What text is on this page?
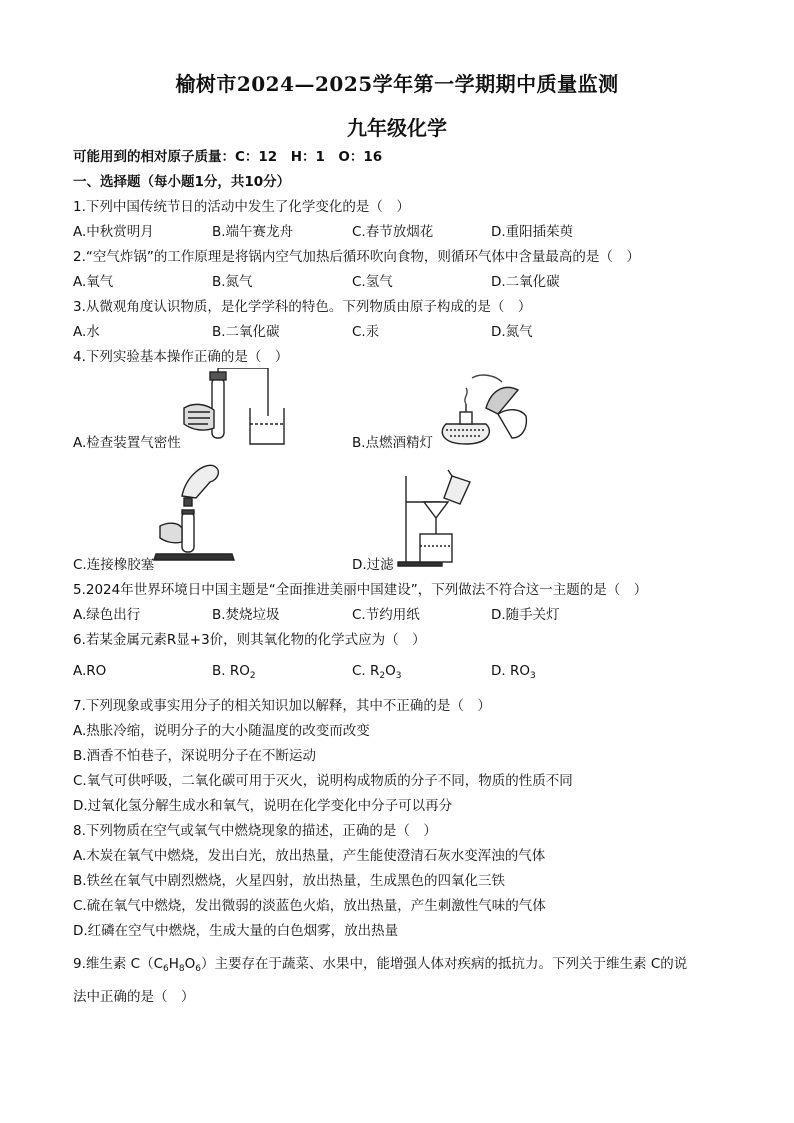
榆树市2024—2025学年第一学期期中质量监测
九年级化学
可能用到的相对原子质量：C：12　H：1　O：16
一、选择题（每小题1分，共10分）
1.下列中国传统节日的活动中发生了化学变化的是（　）
A.中秋赏明月	B.端午赛龙舟	C.春节放烟花	D.重阳插茱萸
2.“空气炸锅”的工作原理是将锅内空气加热后循环吹向食物，则循环气体中含量最高的是（　）
A.氧气	B.氮气	C.氢气	D.二氧化碳
3.从微观角度认识物质，是化学学科的特色。下列物质由原子构成的是（　）
A.水	B.二氧化碳	C.汞	D.氮气
4.下列实验基本操作正确的是（　）
A.检查装置气密性	B.点燃酒精灯
C.连接橡胶塞	D.过滤
5.2024年世界环境日中国主题是“全面推进美丽中国建设”，下列做法不符合这一主题的是（　）
A.绿色出行	B.焚烧垃圾	C.节约用纸	D.随手关灯
6.若某金属元素R显+3价，则其氧化物的化学式应为（　）
A.RO	B. $RO_2$	C. $R_2O_3$	D. $RO_3$
7.下列现象或事实用分子的相关知识加以解释，其中不正确的是（　）
A.热胀冷缩，说明分子的大小随温度的改变而改变
B.酒香不怕巷子，深说明分子在不断运动
C.氧气可供呼吸，二氧化碳可用于灭火，说明构成物质的分子不同，物质的性质不同
D.过氧化氢分解生成水和氧气，说明在化学变化中分子可以再分
8.下列物质在空气或氧气中燃烧现象的描述，正确的是（　）
A.木炭在氧气中燃烧，发出白光，放出热量，产生能使澄清石灰水变浑浊的气体
B.铁丝在氧气中剧烈燃烧，火星四射，放出热量，生成黑色的四氧化三铁
C.硫在氧气中燃烧，发出微弱的淡蓝色火焰，放出热量，产生刺激性气味的气体
D.红磷在空气中燃烧，生成大量的白色烟雾，放出热量
9.维生素 $C(C_6H_8O_6)$主要存在于蔬菜、水果中，能增强人体对疾病的抵抗力。下列关于维生素 C的说
法中正确的是（　）
